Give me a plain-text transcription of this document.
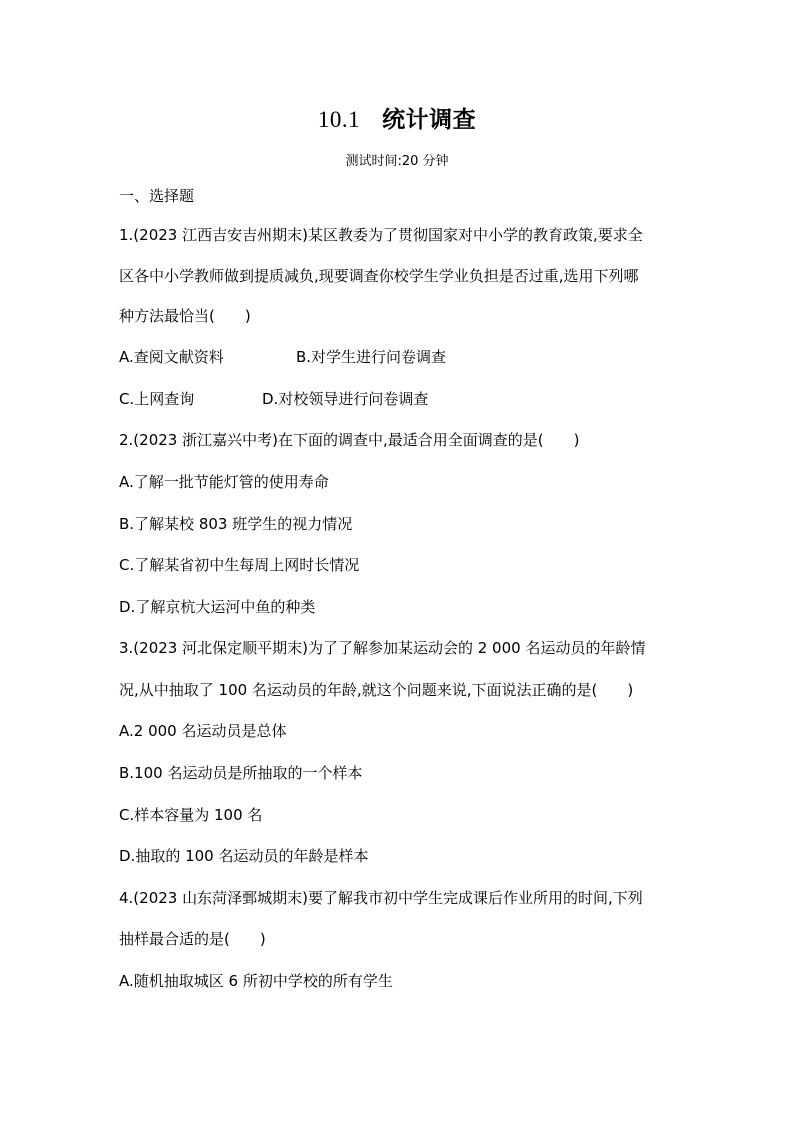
10.1 统计调查
测试时间:20 分钟
一、选择题
1.(2023 江西吉安吉州期末)某区教委为了贯彻国家对中小学的教育政策,要求全
区各中小学教师做到提质减负,现要调查你校学生学业负担是否过重,选用下列哪
种方法最恰当(　　)
A.查阅文献资料	B.对学生进行问卷调查
C.上网查询	D.对校领导进行问卷调查
2.(2023 浙江嘉兴中考)在下面的调查中,最适合用全面调查的是(　　)
A.了解一批节能灯管的使用寿命
B.了解某校 803 班学生的视力情况
C.了解某省初中生每周上网时长情况
D.了解京杭大运河中鱼的种类
3.(2023 河北保定顺平期末)为了了解参加某运动会的 2 000 名运动员的年龄情
况,从中抽取了 100 名运动员的年龄,就这个问题来说,下面说法正确的是(　　)
A.2 000 名运动员是总体
B.100 名运动员是所抽取的一个样本
C.样本容量为 100 名
D.抽取的 100 名运动员的年龄是样本
4.(2023 山东菏泽鄄城期末)要了解我市初中学生完成课后作业所用的时间,下列
抽样最合适的是(　　)
A.随机抽取城区 6 所初中学校的所有学生
